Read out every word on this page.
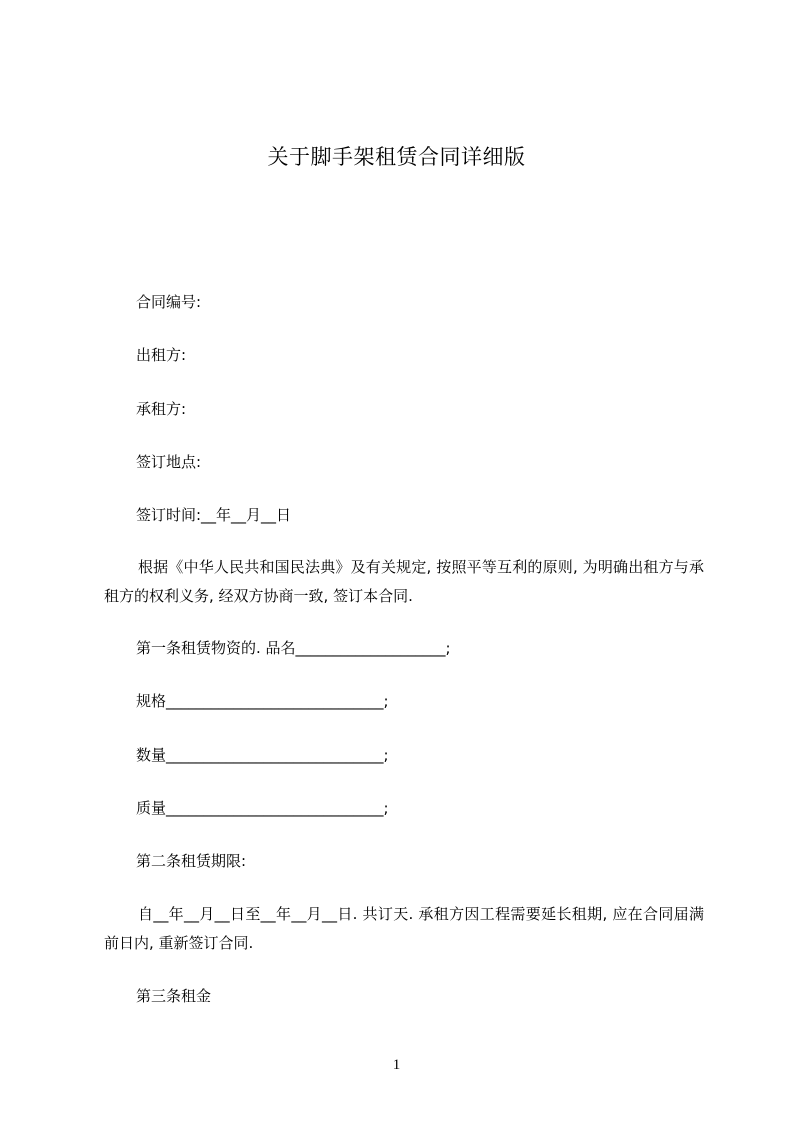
关于脚手架租赁合同详细版
合同编号:
出租方:
承租方:
签订地点:
签订时间:__年__月__日
根据《中华人民共和国民法典》及有关规定, 按照平等互利的原则, 为明确出租方与承租方的权利义务, 经双方协商一致, 签订本合同.
第一条租赁物资的. 品名____________________;
规格_____________________________;
数量_____________________________;
质量_____________________________;
第二条租赁期限:
自__年__月__日至__年__月__日. 共订天. 承租方因工程需要延长租期, 应在合同届满前日内, 重新签订合同.
第三条租金
1
